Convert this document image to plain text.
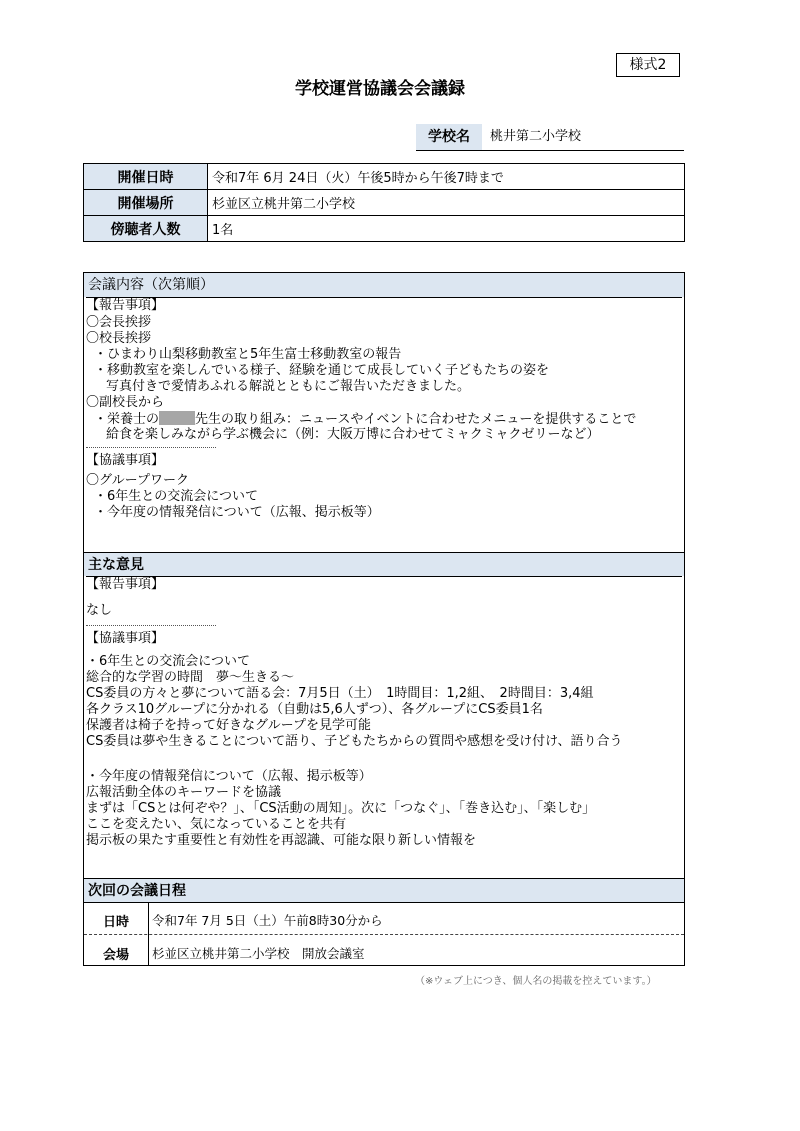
様式2
学校運営協議会会議録
学校名	桃井第二小学校
開催日時	令和7年 6月 24日（火）午後5時から午後7時まで
開催場所	杉並区立桃井第二小学校
傍聴者人数	1名
会議内容（次第順）
【報告事項】
〇会長挨拶
〇校長挨拶
・ひまわり山梨移動教室と5年生富士移動教室の報告
・移動教室を楽しんでいる様子、経験を通じて成長していく子どもたちの姿を
写真付きで愛情あふれる解説とともにご報告いただきました。
〇副校長から
・栄養士の	先生の取り組み：ニュースやイベントに合わせたメニューを提供することで
給食を楽しみながら学ぶ機会に（例：大阪万博に合わせてミャクミャクゼリーなど）
【協議事項】
〇グループワーク
・6年生との交流会について
・今年度の情報発信について（広報、掲示板等）
主な意見
【報告事項】
なし
【協議事項】
・6年生との交流会について
総合的な学習の時間　夢～生きる～
CS委員の方々と夢について語る会：7月5日（土）　1時間目：1,2組、　2時間目：3,4組
各クラス10グループに分かれる（自動は5,6人ずつ）、各グループにCS委員1名
保護者は椅子を持って好きなグループを見学可能
CS委員は夢や生きることについて語り、子どもたちからの質問や感想を受け付け、語り合う
・今年度の情報発信について（広報、掲示板等）
広報活動全体のキーワードを協議
まずは「CSとは何ぞや？」、「CS活動の周知」。次に「つなぐ」、「巻き込む」、「楽しむ」
ここを変えたい、気になっていることを共有
掲示板の果たす重要性と有効性を再認識、可能な限り新しい情報を
次回の会議日程
日時	令和7年 7月 5日（土）午前8時30分から
会場	杉並区立桃井第二小学校　開放会議室
（※ウェブ上につき、個人名の掲載を控えています。）
